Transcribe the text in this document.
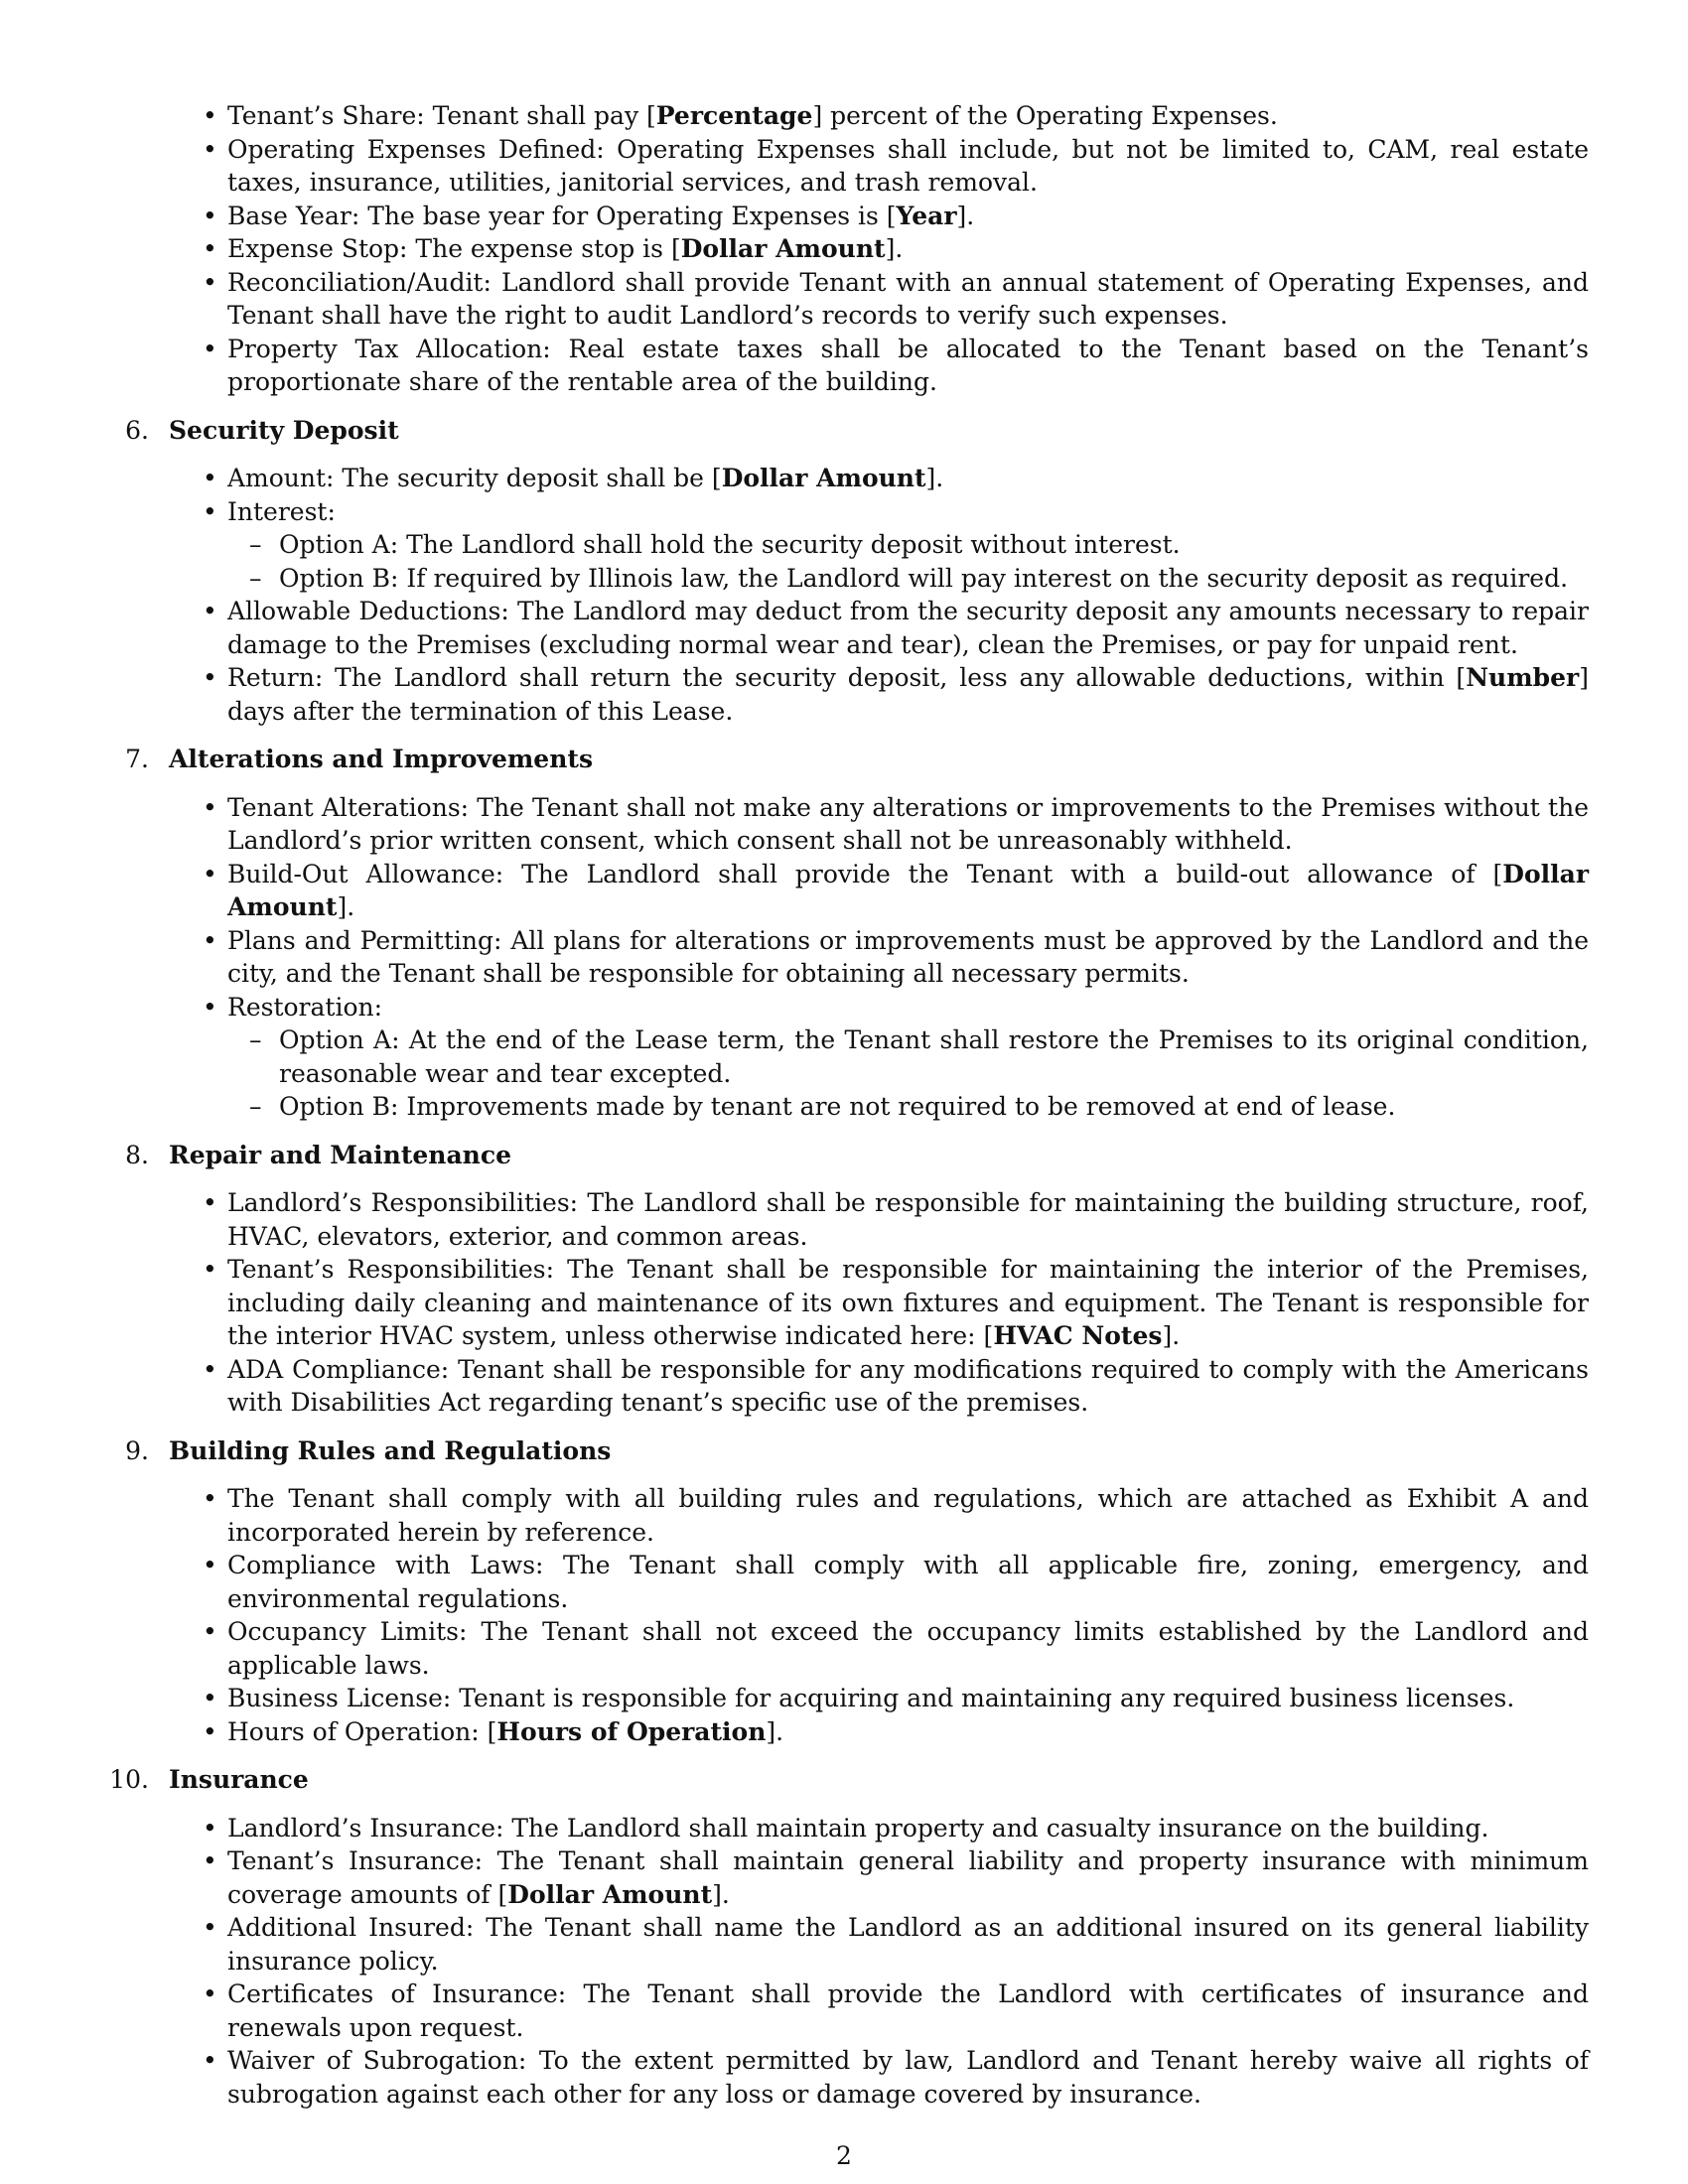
• Tenant’s Share: Tenant shall pay [Percentage] percent of the Operating Expenses.
• Operating Expenses Defined: Operating Expenses shall include, but not be limited to, CAM, real estate taxes, insurance, utilities, janitorial services, and trash removal.
• Base Year: The base year for Operating Expenses is [Year].
• Expense Stop: The expense stop is [Dollar Amount].
• Reconciliation/Audit: Landlord shall provide Tenant with an annual statement of Operating Expenses, and Tenant shall have the right to audit Landlord’s records to verify such expenses.
• Property Tax Allocation: Real estate taxes shall be allocated to the Tenant based on the Tenant’s proportionate share of the rentable area of the building.
6. Security Deposit
• Amount: The security deposit shall be [Dollar Amount].
• Interest:
– Option A: The Landlord shall hold the security deposit without interest.
– Option B: If required by Illinois law, the Landlord will pay interest on the security deposit as required.
• Allowable Deductions: The Landlord may deduct from the security deposit any amounts necessary to repair damage to the Premises (excluding normal wear and tear), clean the Premises, or pay for unpaid rent.
• Return: The Landlord shall return the security deposit, less any allowable deductions, within [Number] days after the termination of this Lease.
7. Alterations and Improvements
• Tenant Alterations: The Tenant shall not make any alterations or improvements to the Premises without the Landlord’s prior written consent, which consent shall not be unreasonably withheld.
• Build-Out Allowance: The Landlord shall provide the Tenant with a build-out allowance of [Dollar Amount].
• Plans and Permitting: All plans for alterations or improvements must be approved by the Landlord and the city, and the Tenant shall be responsible for obtaining all necessary permits.
• Restoration:
– Option A: At the end of the Lease term, the Tenant shall restore the Premises to its original condition, reasonable wear and tear excepted.
– Option B: Improvements made by tenant are not required to be removed at end of lease.
8. Repair and Maintenance
• Landlord’s Responsibilities: The Landlord shall be responsible for maintaining the building structure, roof, HVAC, elevators, exterior, and common areas.
• Tenant’s Responsibilities: The Tenant shall be responsible for maintaining the interior of the Premises, including daily cleaning and maintenance of its own fixtures and equipment. The Tenant is responsible for the interior HVAC system, unless otherwise indicated here: [HVAC Notes].
• ADA Compliance: Tenant shall be responsible for any modifications required to comply with the Americans with Disabilities Act regarding tenant’s specific use of the premises.
9. Building Rules and Regulations
• The Tenant shall comply with all building rules and regulations, which are attached as Exhibit A and incorporated herein by reference.
• Compliance with Laws: The Tenant shall comply with all applicable fire, zoning, emergency, and environmental regulations.
• Occupancy Limits: The Tenant shall not exceed the occupancy limits established by the Landlord and applicable laws.
• Business License: Tenant is responsible for acquiring and maintaining any required business licenses.
• Hours of Operation: [Hours of Operation].
10. Insurance
• Landlord’s Insurance: The Landlord shall maintain property and casualty insurance on the building.
• Tenant’s Insurance: The Tenant shall maintain general liability and property insurance with minimum coverage amounts of [Dollar Amount].
• Additional Insured: The Tenant shall name the Landlord as an additional insured on its general liability insurance policy.
• Certificates of Insurance: The Tenant shall provide the Landlord with certificates of insurance and renewals upon request.
• Waiver of Subrogation: To the extent permitted by law, Landlord and Tenant hereby waive all rights of subrogation against each other for any loss or damage covered by insurance.
2
